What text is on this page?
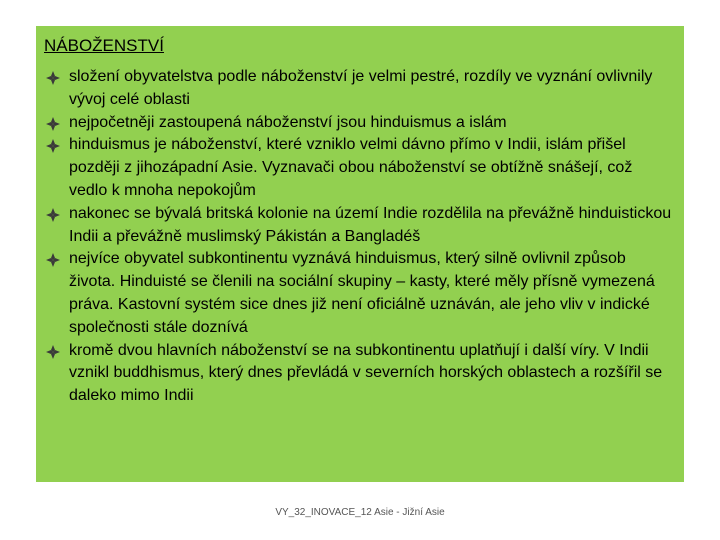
NÁBOŽENSTVÍ
složení obyvatelstva podle náboženství je velmi pestré, rozdíly ve vyznání ovlivnily vývoj celé oblasti
nejpočetněji zastoupená náboženství jsou hinduismus a islám
hinduismus je náboženství, které vzniklo velmi dávno přímo v Indii, islám přišel později z jihozápadní Asie. Vyznavači obou náboženství se obtížně snášejí, což vedlo k mnoha nepokojům
nakonec se bývalá britská kolonie na území Indie rozdělila na převážně hinduistickou Indii a převážně muslimský Pákistán a Bangladéš
nejvíce obyvatel subkontinentu vyznává hinduismus, který silně ovlivnil způsob života. Hinduisté se členili na sociální skupiny – kasty, které měly přísně vymezená práva. Kastovní systém sice dnes již není oficiálně uznáván, ale jeho vliv v indické společnosti stále doznívá
kromě dvou hlavních náboženství se na subkontinentu uplatňují i další víry. V Indii vznikl buddhismus, který dnes převládá v severních horských oblastech a rozšířil se daleko mimo Indii
VY_32_INOVACE_12 Asie - Jižní Asie
